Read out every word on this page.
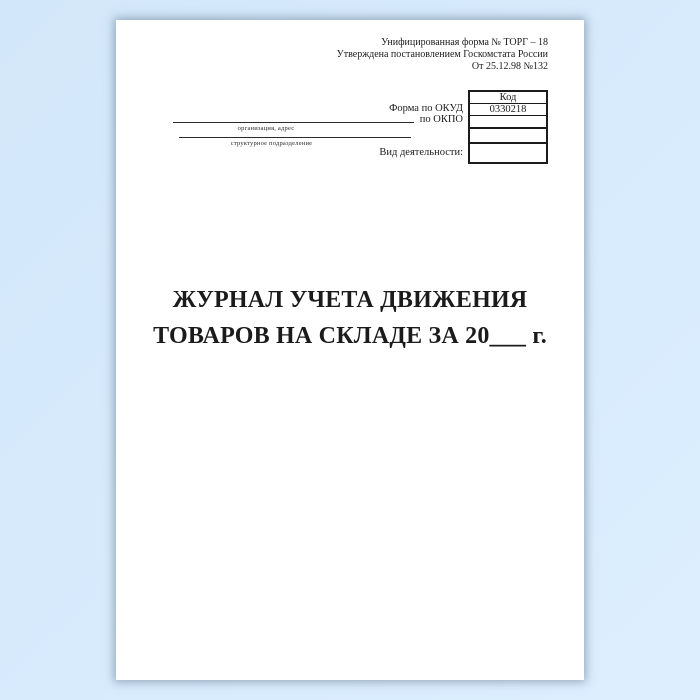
Унифицированная форма № ТОРГ – 18
Утверждена постановлением Госкомстата России
От 25.12.98 №132
Код
0330218
Форма по ОКУД
по ОКПО
Вид деятельности:
организация, адрес
структурное подразделение
ЖУРНАЛ УЧЕТА ДВИЖЕНИЯ
ТОВАРОВ НА СКЛАДЕ ЗА 20___ г.
